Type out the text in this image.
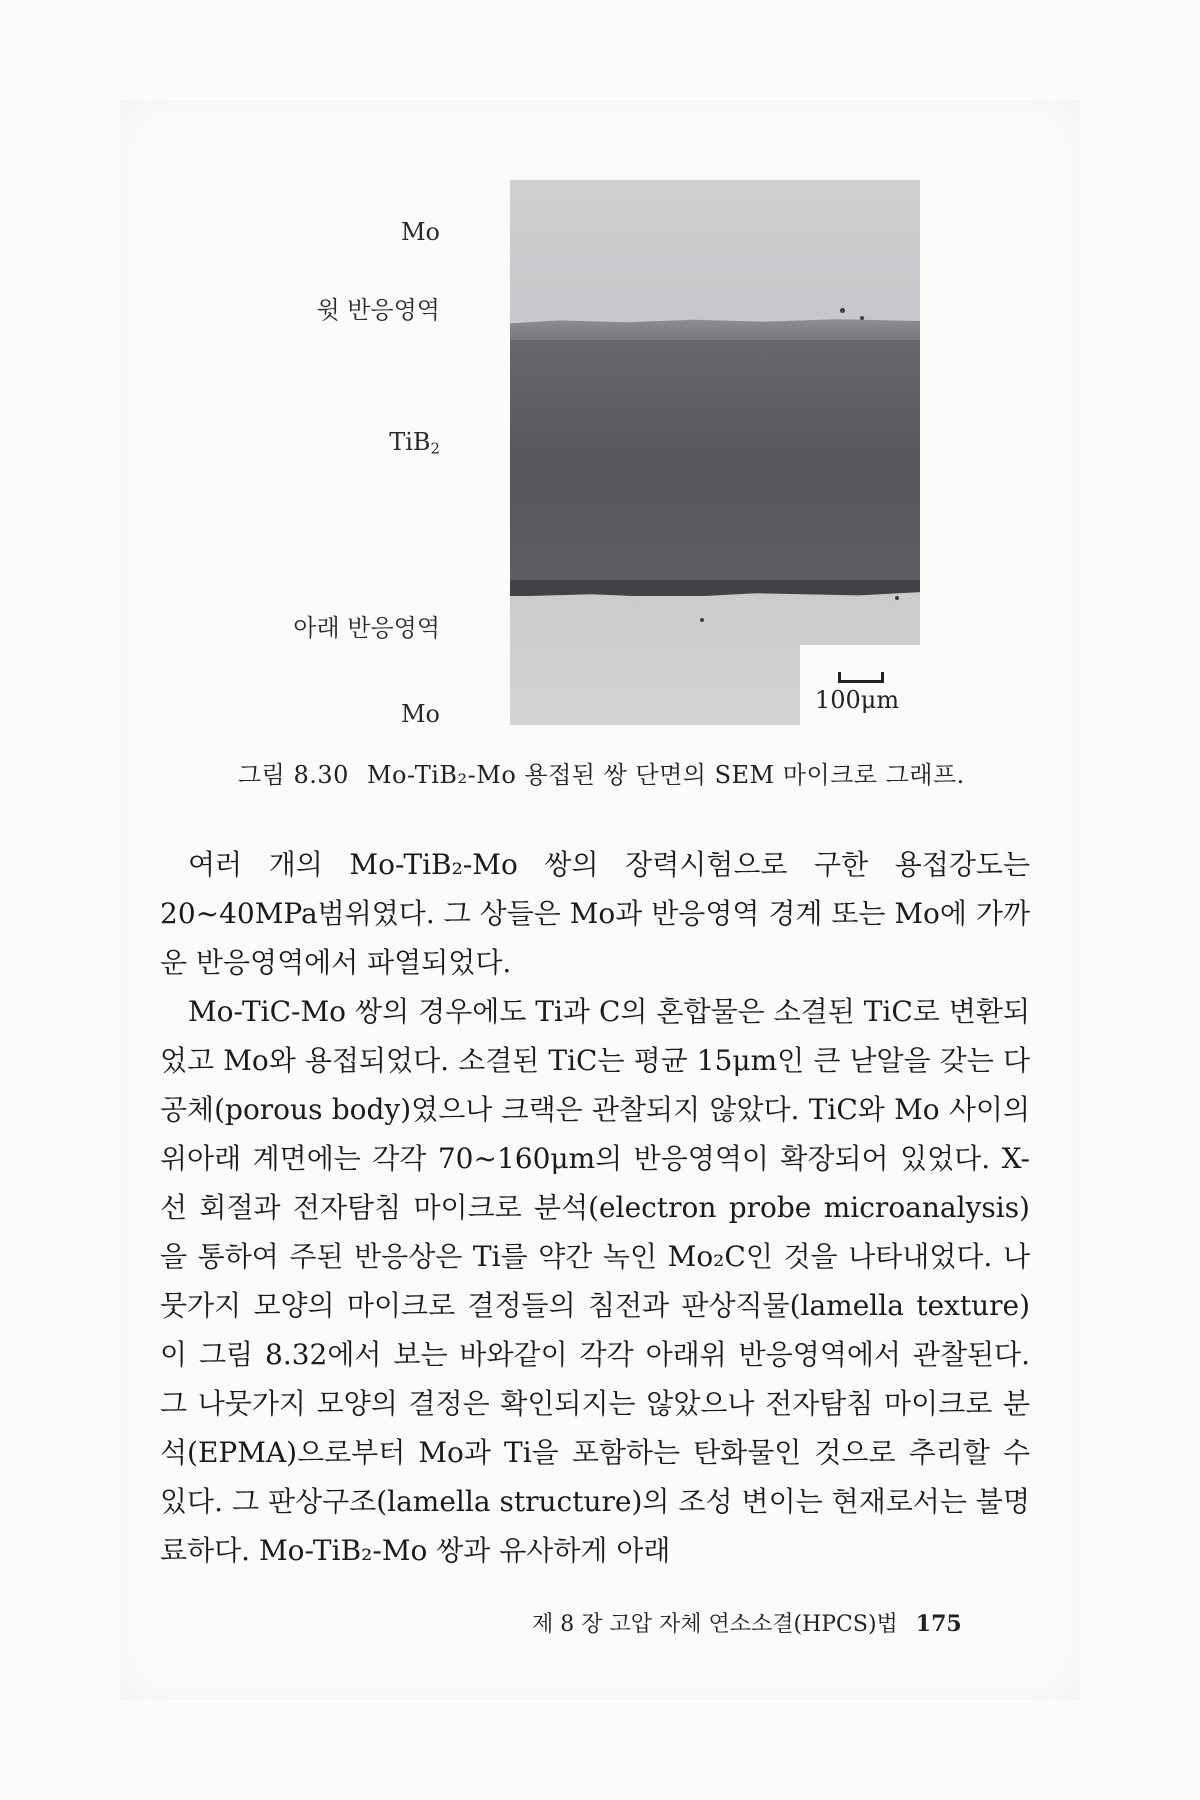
Mo
윗 반응영역
TiB$_2$
아래 반응영역
Mo	100μm
그림 8.30 Mo-TiB₂-Mo 용접된 쌍 단면의 SEM 마이크로 그래프.

여러 개의 Mo-TiB₂-Mo 쌍의 장력시험으로 구한 용접강도는 20~40MPa범위였다. 그 상들은 Mo과 반응영역 경계 또는 Mo에 가까운 반응영역에서 파열되었다.

Mo-TiC-Mo 쌍의 경우에도 Ti과 C의 혼합물은 소결된 TiC로 변환되었고 Mo와 용접되었다. 소결된 TiC는 평균 15μm인 큰 낟알을 갖는 다공체(porous body)였으나 크랙은 관찰되지 않았다. TiC와 Mo 사이의 위아래 계면에는 각각 70~160μm의 반응영역이 확장되어 있었다. X-선 회절과 전자탐침 마이크로 분석(electron probe microanalysis)을 통하여 주된 반응상은 Ti를 약간 녹인 Mo₂C인 것을 나타내었다. 나뭇가지 모양의 마이크로 결정들의 침전과 판상직물(lamella texture)이 그림 8.32에서 보는 바와같이 각각 아래위 반응영역에서 관찰된다. 그 나뭇가지 모양의 결정은 확인되지는 않았으나 전자탐침 마이크로 분석(EPMA)으로부터 Mo과 Ti을 포함하는 탄화물인 것으로 추리할 수 있다. 그 판상구조(lamella structure)의 조성 변이는 현재로서는 불명료하다. Mo-TiB₂-Mo 쌍과 유사하게 아래

제 8 장 고압 자체 연소소결(HPCS)법 175
